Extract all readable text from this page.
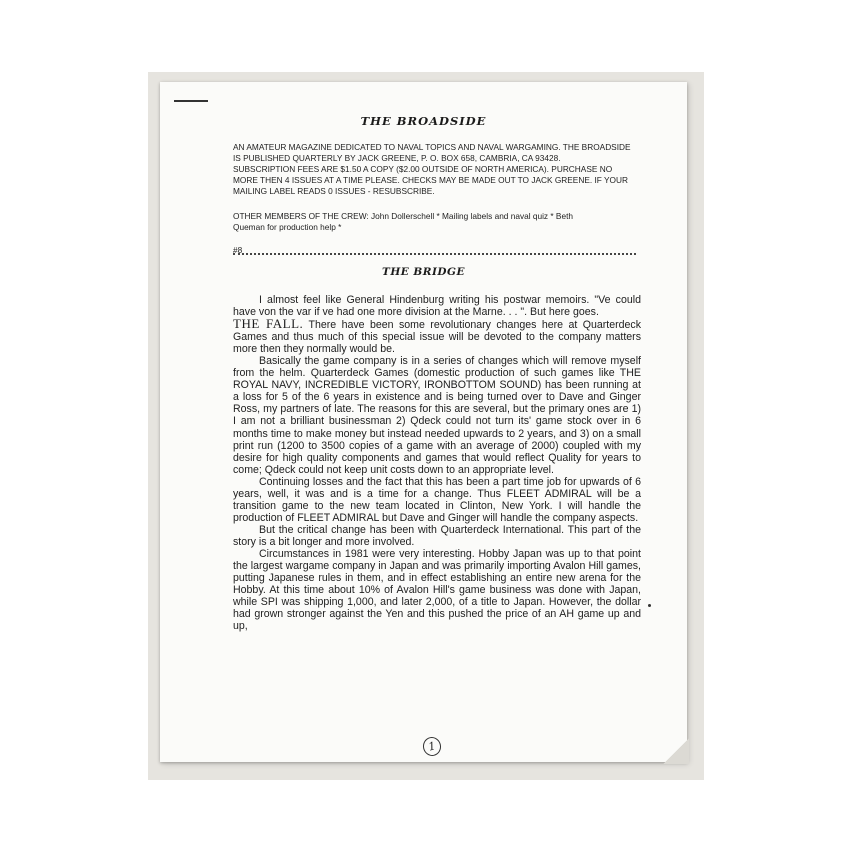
THE BROADSIDE

AN AMATEUR MAGAZINE DEDICATED TO NAVAL TOPICS AND NAVAL WARGAMING. THE BROADSIDE

IS PUBLISHED QUARTERLY BY JACK GREENE, P. O. BOX 658, CAMBRIA, CA 93428.

SUBSCRIPTION FEES ARE $1.50 A COPY ($2.00 OUTSIDE OF NORTH AMERICA). PURCHASE NO

MORE THEN 4 ISSUES AT A TIME PLEASE. CHECKS MAY BE MADE OUT TO JACK GREENE. IF YOUR

MAILING LABEL READS 0 ISSUES - RESUBSCRIBE.

OTHER MEMBERS OF THE CREW: John Dollerschell * Mailing labels and naval quiz * Beth
Queman for production help *
#8
THE BRIDGE

I almost feel like General Hindenburg writing his postwar memoirs. "Ve could have von the var if ve had one more division at the Marne. . . ". But here goes.

THE FALL. There have been some revolutionary changes here at Quarterdeck Games and thus much of this special issue will be devoted to the company matters more then they normally would be.

Basically the game company is in a series of changes which will remove myself from the helm. Quarterdeck Games (domestic production of such games like THE ROYAL NAVY, INCREDIBLE VICTORY, IRONBOTTOM SOUND) has been running at a loss for 5 of the 6 years in existence and is being turned over to Dave and Ginger Ross, my partners of late. The reasons for this are several, but the primary ones are 1) I am not a brilliant businessman 2) Qdeck could not turn its' game stock over in 6 months time to make money but instead needed upwards to 2 years, and 3) on a small print run (1200 to 3500 copies of a game with an average of 2000) coupled with my desire for high quality components and games that would reflect Quality for years to come; Qdeck could not keep unit costs down to an appropriate level.

Continuing losses and the fact that this has been a part time job for upwards of 6 years, well, it was and is a time for a change. Thus FLEET ADMIRAL will be a transition game to the new team located in Clinton, New York. I will handle the production of FLEET ADMIRAL but Dave and Ginger will handle the company aspects.

But the critical change has been with Quarterdeck International. This part of the story is a bit longer and more involved.

Circumstances in 1981 were very interesting. Hobby Japan was up to that point the largest wargame company in Japan and was primarily importing Avalon Hill games, putting Japanese rules in them, and in effect establishing an entire new arena for the Hobby. At this time about 10% of Avalon Hill's game business was done with Japan, while SPI was shipping 1,000, and later 2,000, of a title to Japan. However, the dollar had grown stronger against the Yen and this pushed the price of an AH game up and up,

1
